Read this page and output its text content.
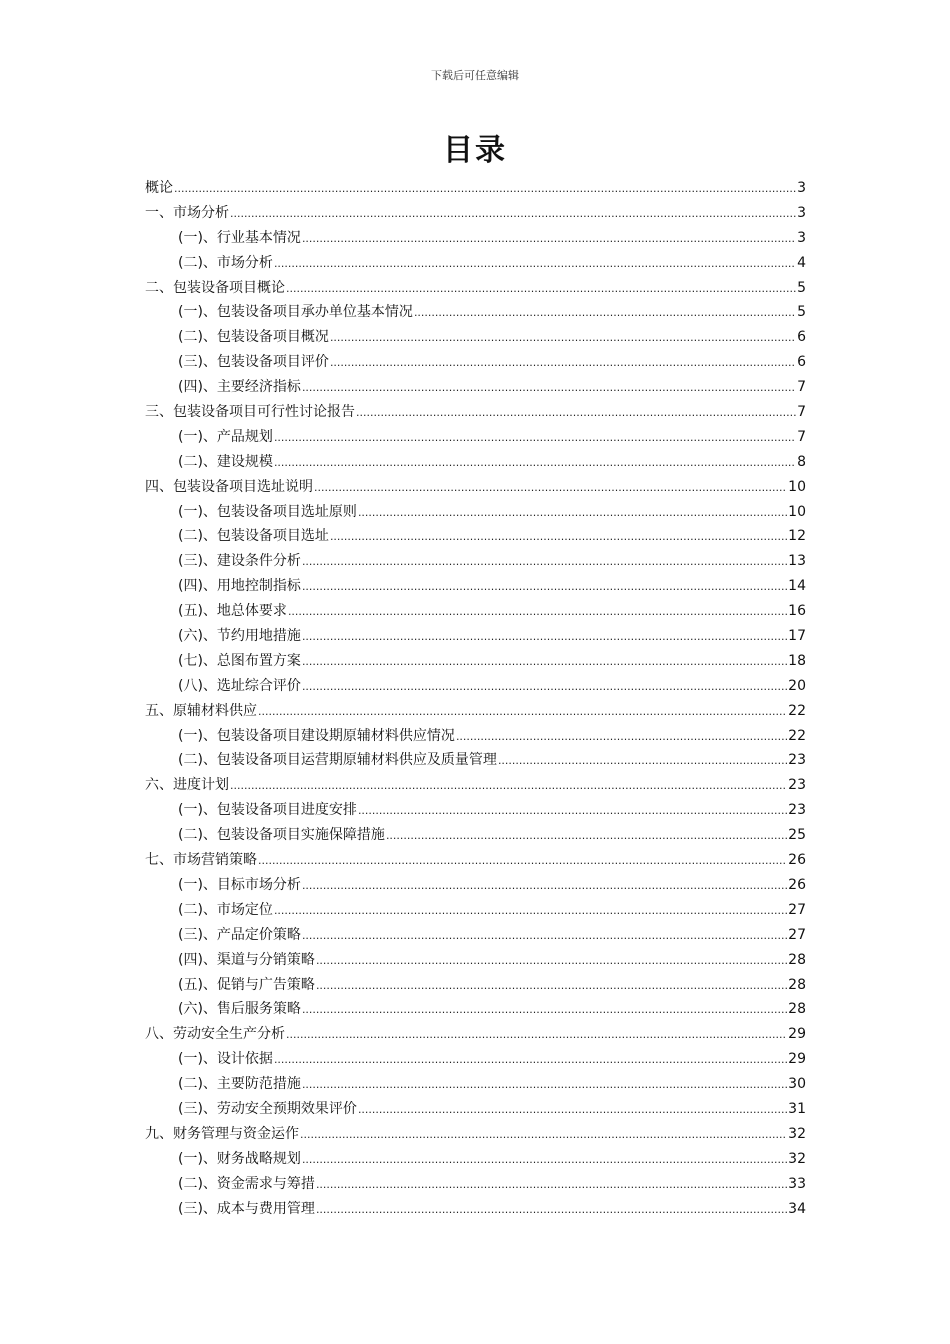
下载后可任意编辑
目录
概论 .....	3
一、市场分析 .....	3
(一)、行业基本情况 .....	3
(二)、市场分析 .....	4
二、包装设备项目概论 .....	5
(一)、包装设备项目承办单位基本情况 .....	5
(二)、包装设备项目概况 .....	6
(三)、包装设备项目评价 .....	6
(四)、主要经济指标 .....	7
三、包装设备项目可行性讨论报告 .....	7
(一)、产品规划 .....	7
(二)、建设规模 .....	8
四、包装设备项目选址说明 .....	10
(一)、包装设备项目选址原则 .....	10
(二)、包装设备项目选址 .....	12
(三)、建设条件分析 .....	13
(四)、用地控制指标 .....	14
(五)、地总体要求 .....	16
(六)、节约用地措施 .....	17
(七)、总图布置方案 .....	18
(八)、选址综合评价 .....	20
五、原辅材料供应 .....	22
(一)、包装设备项目建设期原辅材料供应情况 .....	22
(二)、包装设备项目运营期原辅材料供应及质量管理 .....	23
六、进度计划 .....	23
(一)、包装设备项目进度安排 .....	23
(二)、包装设备项目实施保障措施 .....	25
七、市场营销策略 .....	26
(一)、目标市场分析 .....	26
(二)、市场定位 .....	27
(三)、产品定价策略 .....	27
(四)、渠道与分销策略 .....	28
(五)、促销与广告策略 .....	28
(六)、售后服务策略 .....	28
八、劳动安全生产分析 .....	29
(一)、设计依据 .....	29
(二)、主要防范措施 .....	30
(三)、劳动安全预期效果评价 .....	31
九、财务管理与资金运作 .....	32
(一)、财务战略规划 .....	32
(二)、资金需求与筹措 .....	33
(三)、成本与费用管理 .....	34
